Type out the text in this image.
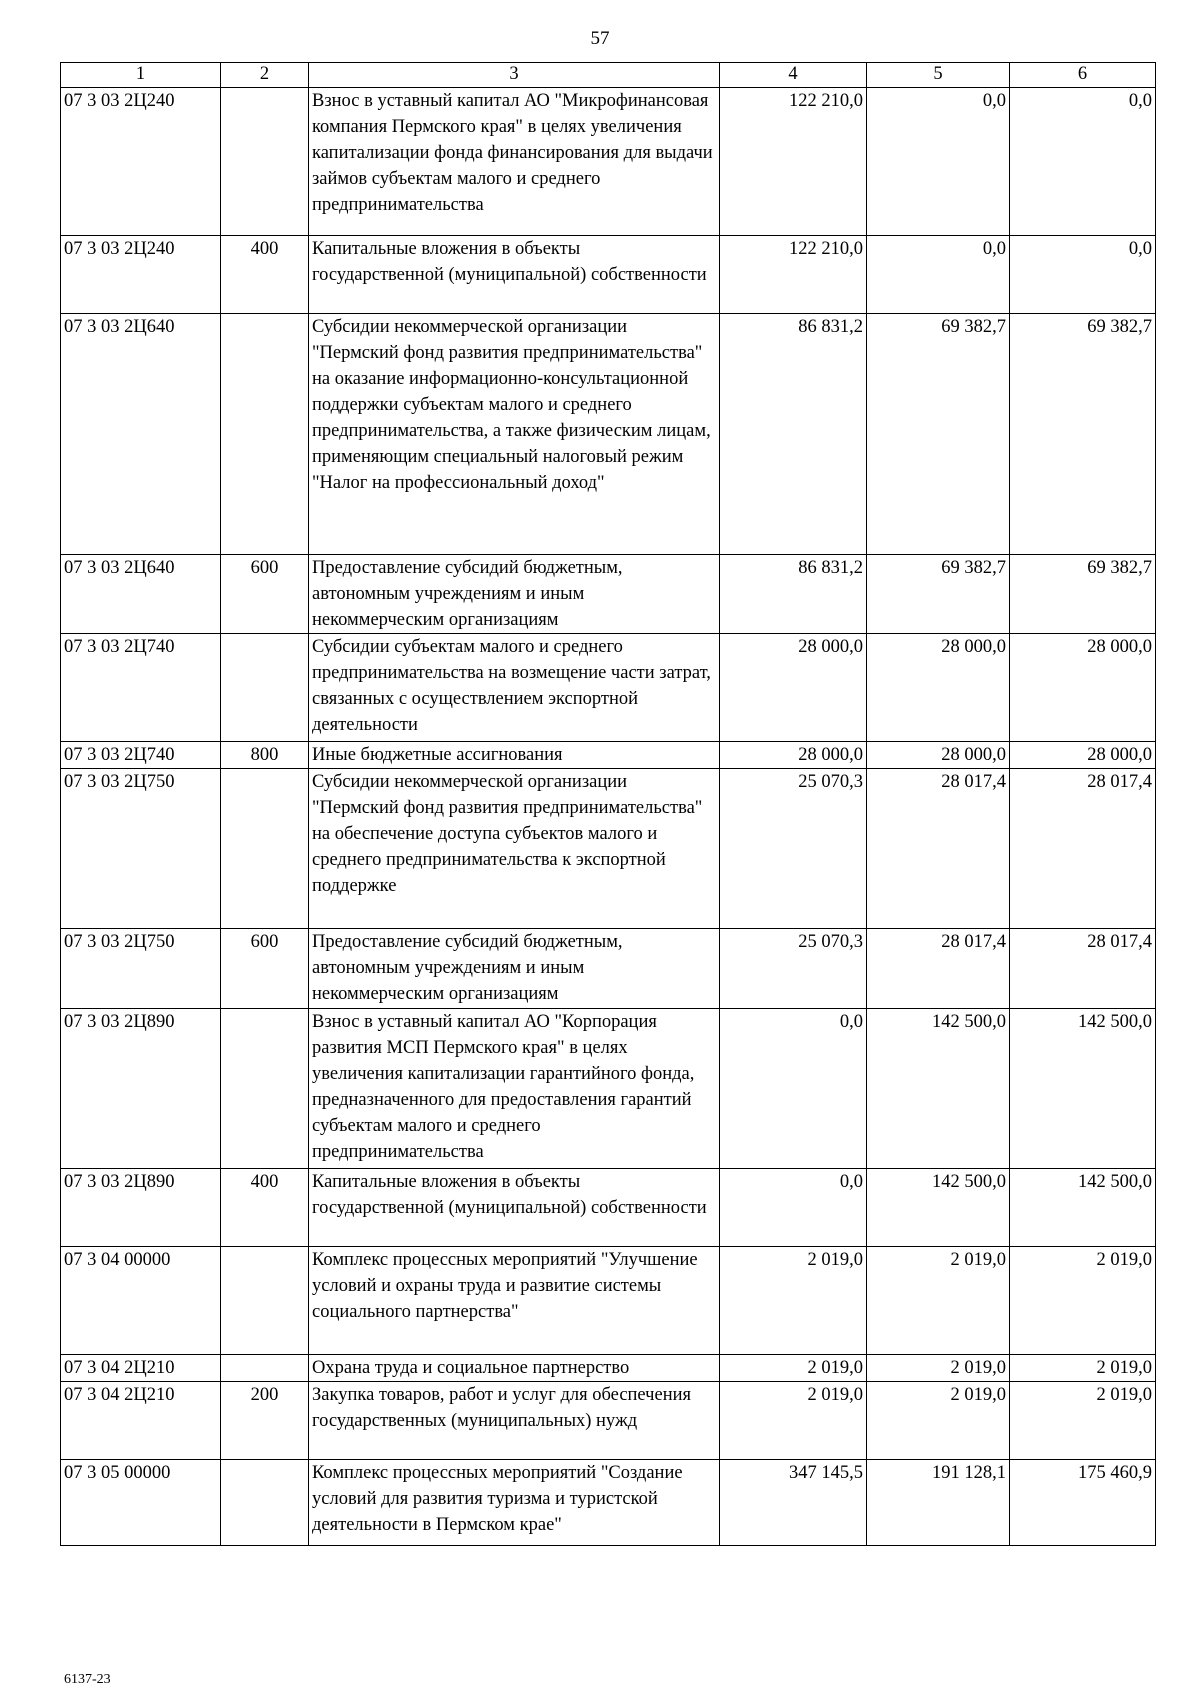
57
1	2	3	4	5	6
07 3 03 2Ц240		Взнос в уставный капитал АО "Микрофинансовая компания Пермского края" в целях увеличения капитализации фонда финансирования для выдачи займов субъектам малого и среднего предпринимательства	122 210,0	0,0	0,0
07 3 03 2Ц240	400	Капитальные вложения в объекты государственной (муниципальной) собственности	122 210,0	0,0	0,0
07 3 03 2Ц640		Субсидии некоммерческой организации "Пермский фонд развития предпринимательства" на оказание информационно-консультационной поддержки субъектам малого и среднего предпринимательства, а также физическим лицам, применяющим специальный налоговый режим "Налог на профессиональный доход"	86 831,2	69 382,7	69 382,7
07 3 03 2Ц640	600	Предоставление субсидий бюджетным, автономным учреждениям и иным некоммерческим организациям	86 831,2	69 382,7	69 382,7
07 3 03 2Ц740		Субсидии субъектам малого и среднего предпринимательства на возмещение части затрат, связанных с осуществлением экспортной деятельности	28 000,0	28 000,0	28 000,0
07 3 03 2Ц740	800	Иные бюджетные ассигнования	28 000,0	28 000,0	28 000,0
07 3 03 2Ц750		Субсидии некоммерческой организации "Пермский фонд развития предпринимательства" на обеспечение доступа субъектов малого и среднего предпринимательства к экспортной поддержке	25 070,3	28 017,4	28 017,4
07 3 03 2Ц750	600	Предоставление субсидий бюджетным, автономным учреждениям и иным некоммерческим организациям	25 070,3	28 017,4	28 017,4
07 3 03 2Ц890		Взнос в уставный капитал АО "Корпорация развития МСП Пермского края" в целях увеличения капитализации гарантийного фонда, предназначенного для предоставления гарантий субъектам малого и среднего предпринимательства	0,0	142 500,0	142 500,0
07 3 03 2Ц890	400	Капитальные вложения в объекты государственной (муниципальной) собственности	0,0	142 500,0	142 500,0
07 3 04 00000		Комплекс процессных мероприятий "Улучшение условий и охраны труда и развитие системы социального партнерства"	2 019,0	2 019,0	2 019,0
07 3 04 2Ц210		Охрана труда и социальное партнерство	2 019,0	2 019,0	2 019,0
07 3 04 2Ц210	200	Закупка товаров, работ и услуг для обеспечения государственных (муниципальных) нужд	2 019,0	2 019,0	2 019,0
07 3 05 00000		Комплекс процессных мероприятий "Создание условий для развития туризма и туристской деятельности в Пермском крае"	347 145,5	191 128,1	175 460,9
6137-23
